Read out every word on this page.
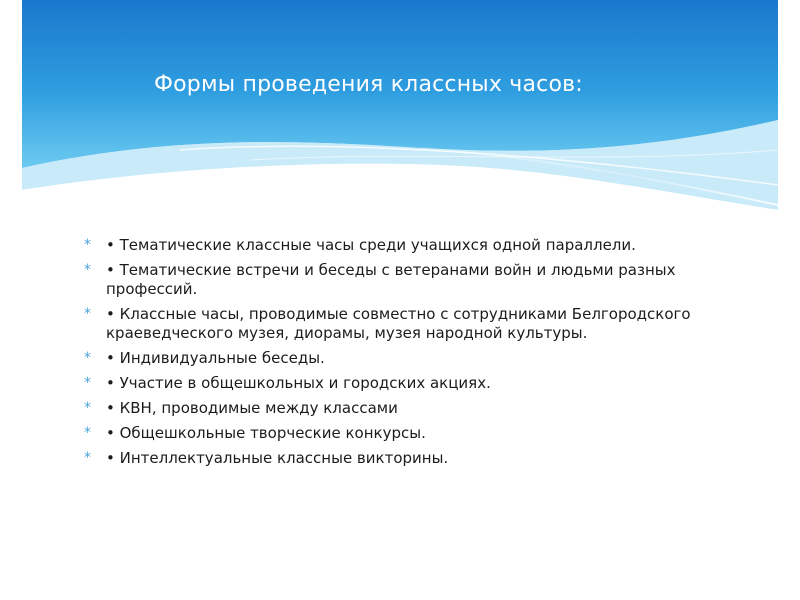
Формы проведения классных часов:
* • Тематические классные часы среди учащихся одной параллели.
* • Тематические встречи и беседы с ветеранами войн и людьми разных профессий.
* • Классные часы, проводимые совместно с сотрудниками Белгородского краеведческого музея, диорамы, музея народной культуры.
* • Индивидуальные беседы.
* • Участие в общешкольных и городских акциях.
* • КВН, проводимые между классами
* • Общешкольные творческие конкурсы.
* • Интеллектуальные классные викторины.
